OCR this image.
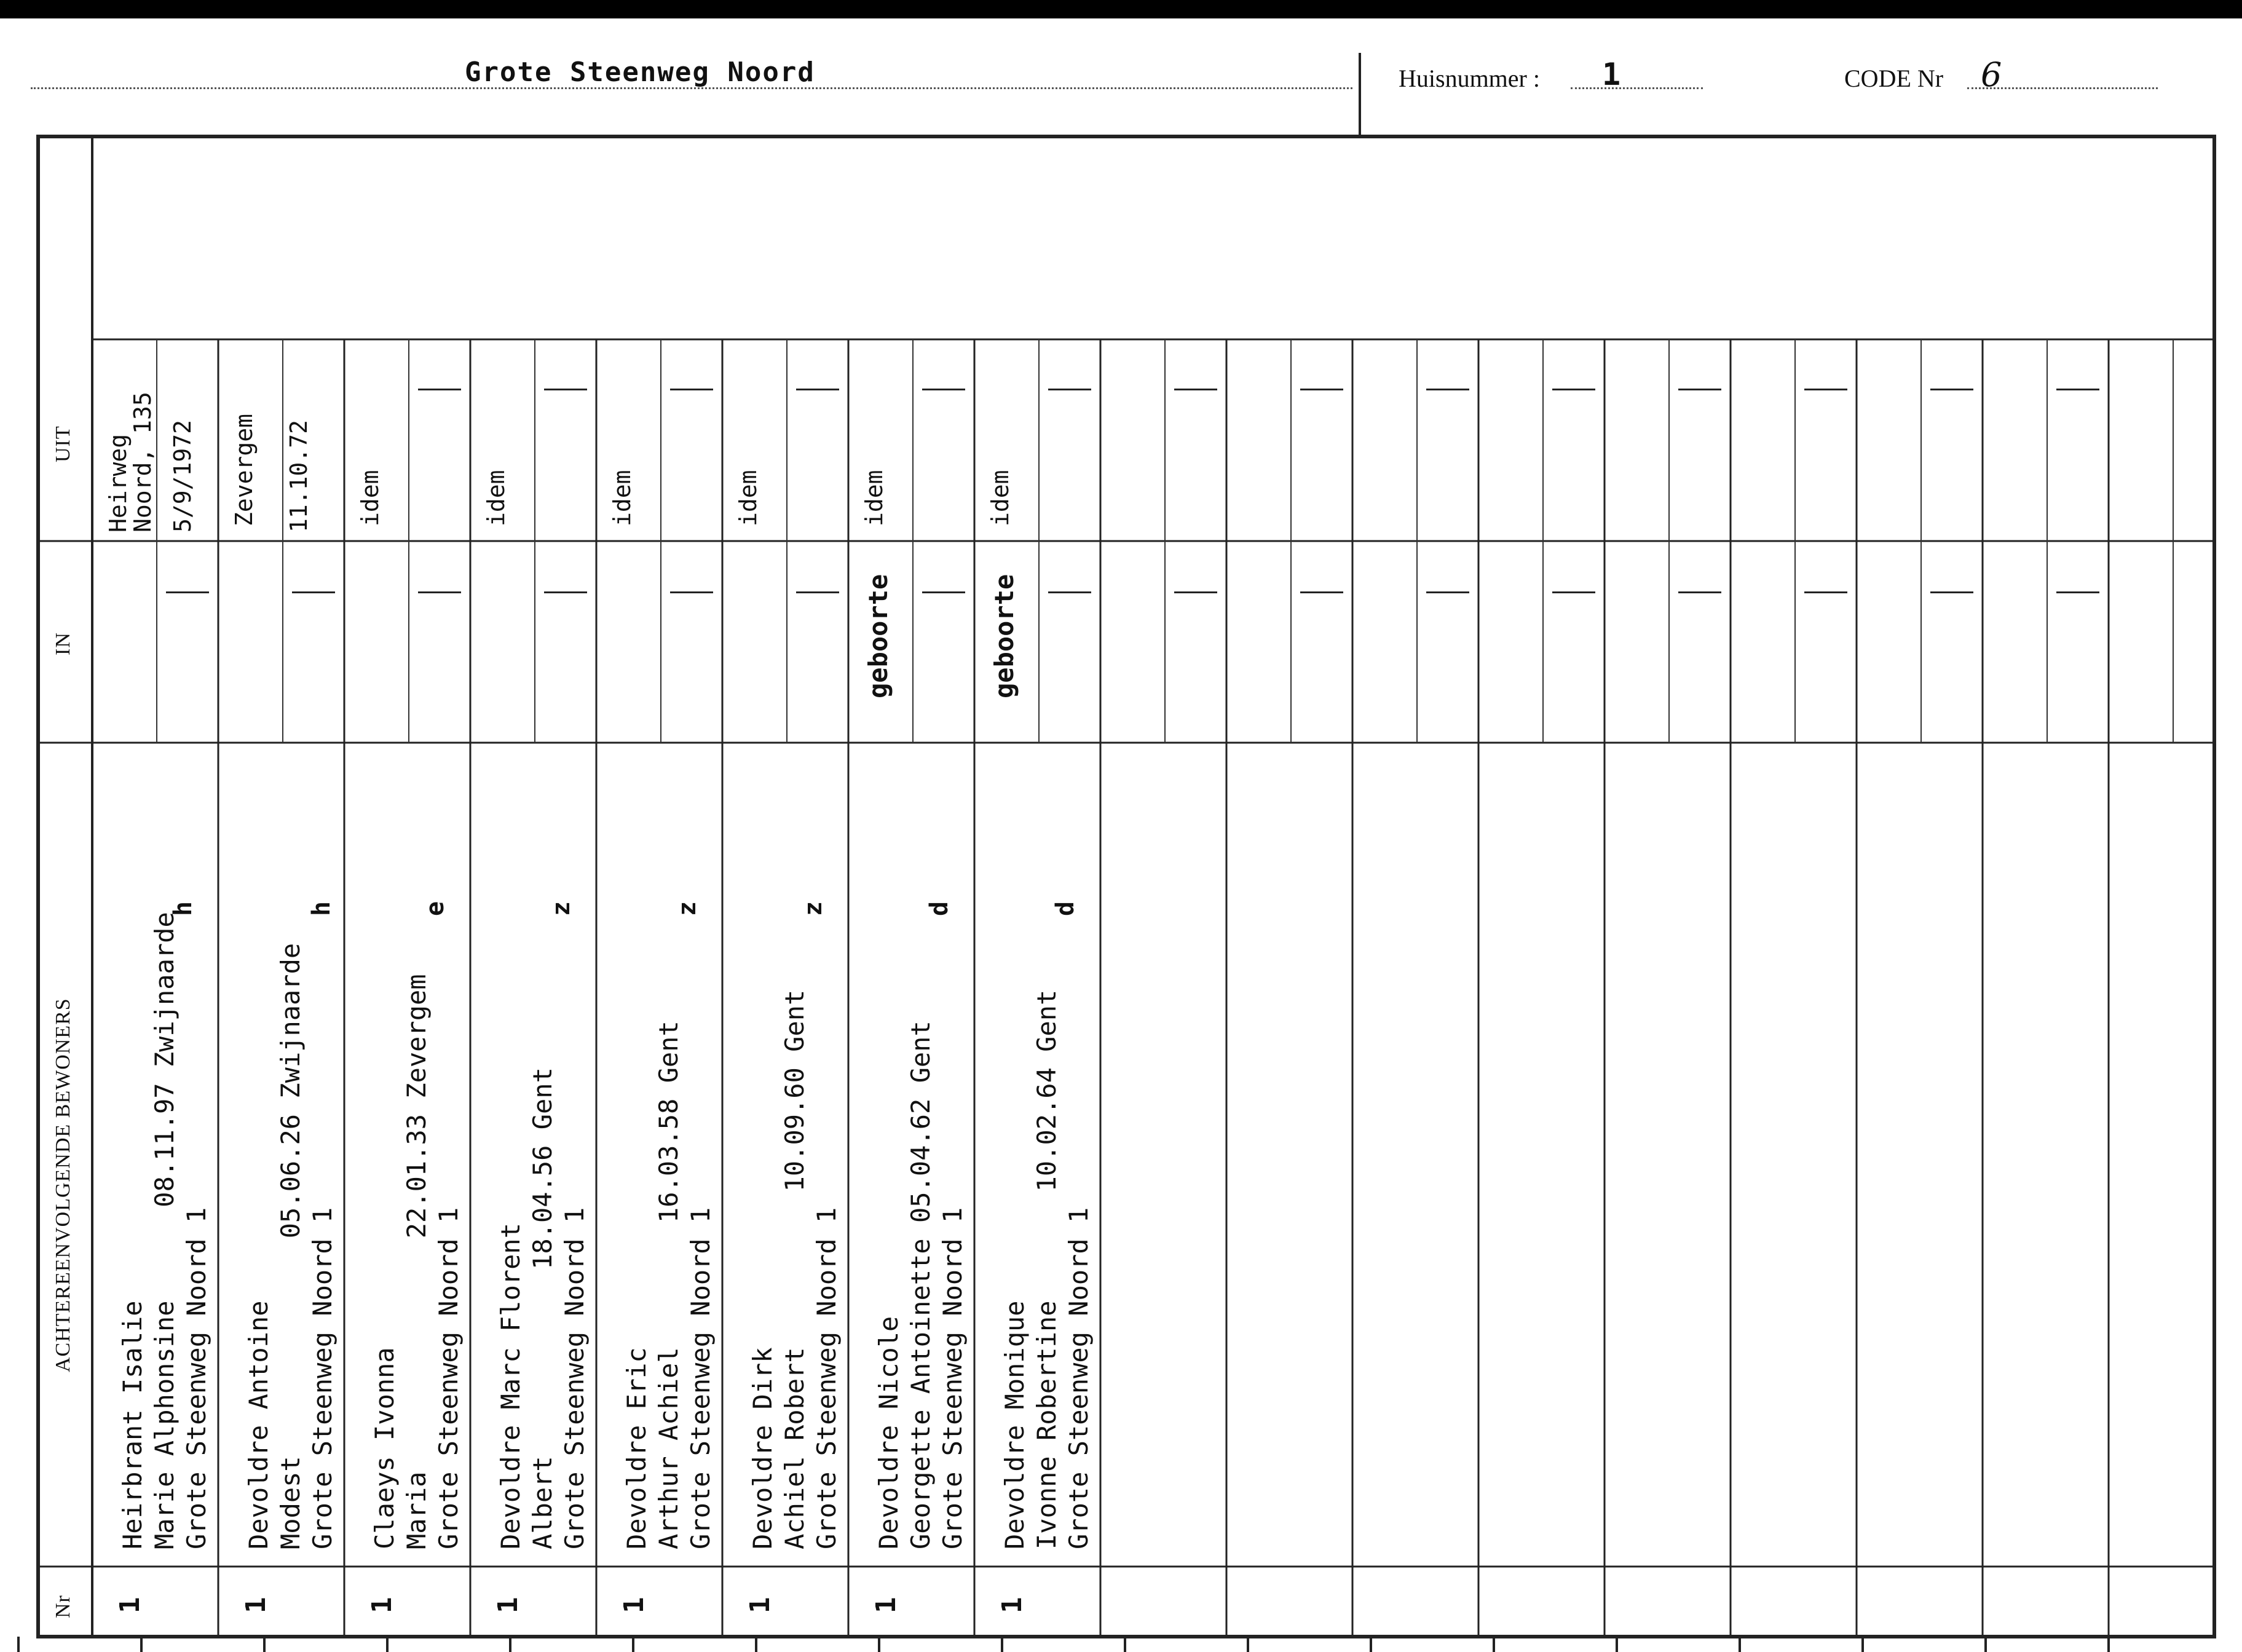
Grote Steenweg Noord	Huisnummer : 1	CODE Nr 6
UIT
IN
ACHTEREENVOLGENDE BEWONERS
Nr
Heirweg
Noord, 135
5/9/1972
Heirbrant Isalie
Marie Alphonsine      08.11.97 Zwijnaarde
Grote Steenweg Noord 1
h
1
Zevergem 11.10.72
Devoldre Antoine
Modest              05.06.26 Zwijnaarde
Grote Steenweg Noord 1
h
1
idem
Claeys Ivonna
Maria               22.01.33 Zevergem
Grote Steenweg Noord 1
e
1
idem
Devoldre Marc Florent
Albert            18.04.56 Gent
Grote Steenweg Noord 1
z
1
idem
Devoldre Eric
Arthur Achiel        16.03.58 Gent
Grote Steenweg Noord 1
z
1
idem
Devoldre Dirk
Achiel Robert          10.09.60 Gent
Grote Steenweg Noord 1
z
1
idem
geboorte
Devoldre Nicole
Georgette Antoinette 05.04.62 Gent
Grote Steenweg Noord 1
d
1
idem
geboorte
Devoldre Monique
Ivonne Robertine       10.02.64 Gent
Grote Steenweg Noord 1
d
1
